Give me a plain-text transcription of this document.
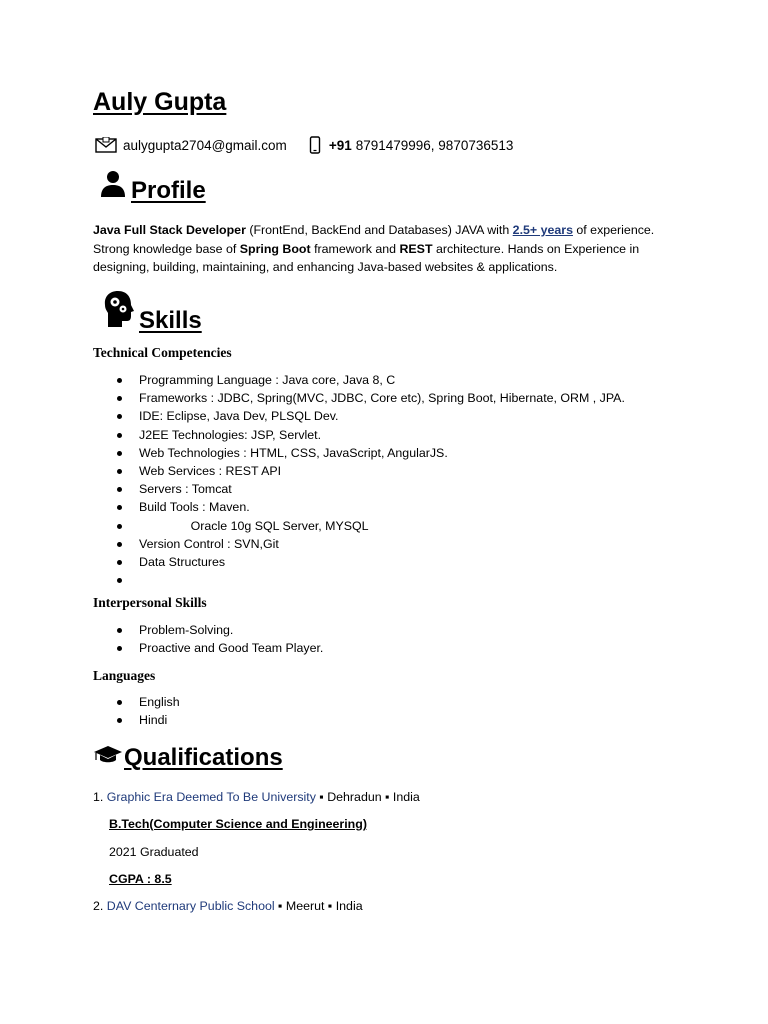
Auly Gupta
aulygupta2704@gmail.com	+91 8791479996, 9870736513
Profile

Java Full Stack Developer (FrontEnd, BackEnd and Databases) JAVA with 2.5+ years of experience. Strong knowledge base of Spring Boot framework and REST architecture. Hands on Experience in designing, building, maintaining, and enhancing Java-based websites & applications.

Skills

Technical Competencies

Programming Language : Java core, Java 8, C
Frameworks : JDBC, Spring(MVC, JDBC, Core etc), Spring Boot, Hibernate, ORM , JPA.
IDE: Eclipse, Java Dev, PLSQL Dev.
J2EE Technologies: JSP, Servlet.
Web Technologies : HTML, CSS, JavaScript, AngularJS.
Web Services : REST API
Servers : Tomcat
Build Tools : Maven.
Oracle 10g SQL Server, MYSQL
Version Control : SVN,Git
Data Structures

Interpersonal Skills

Problem-Solving.
Proactive and Good Team Player.

Languages

English
Hindi
Qualifications

1. Graphic Era Deemed To Be University ▪ Dehradun ▪ India

B.Tech(Computer Science and Engineering)

2021 Graduated

CGPA : 8.5

2. DAV Centernary Public School ▪ Meerut ▪ India
